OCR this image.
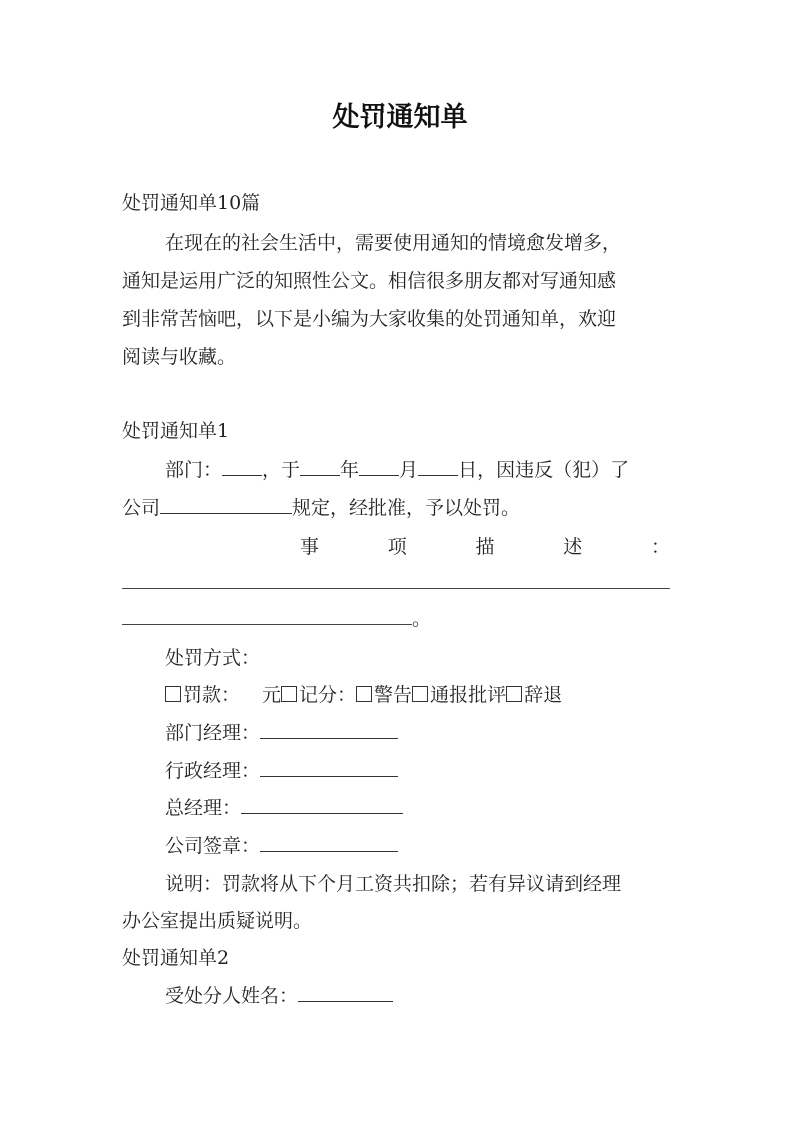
处罚通知单
处罚通知单10篇
在现在的社会生活中，需要使用通知的情境愈发增多，
通知是运用广泛的知照性公文。相信很多朋友都对写通知感
到非常苦恼吧，以下是小编为大家收集的处罚通知单，欢迎
阅读与收藏。
处罚通知单1
部门： ，于 年 月 日，因违反（犯）了
公司	规定，经批准，予以处罚。
事	项	描	述	：
。
处罚方式：
罚款： 元 记分： 警告 通报批评 辞退
部门经理：
行政经理：
总经理：
公司签章：
说明：罚款将从下个月工资共扣除；若有异议请到经理
办公室提出质疑说明。
处罚通知单2
受处分人姓名：
